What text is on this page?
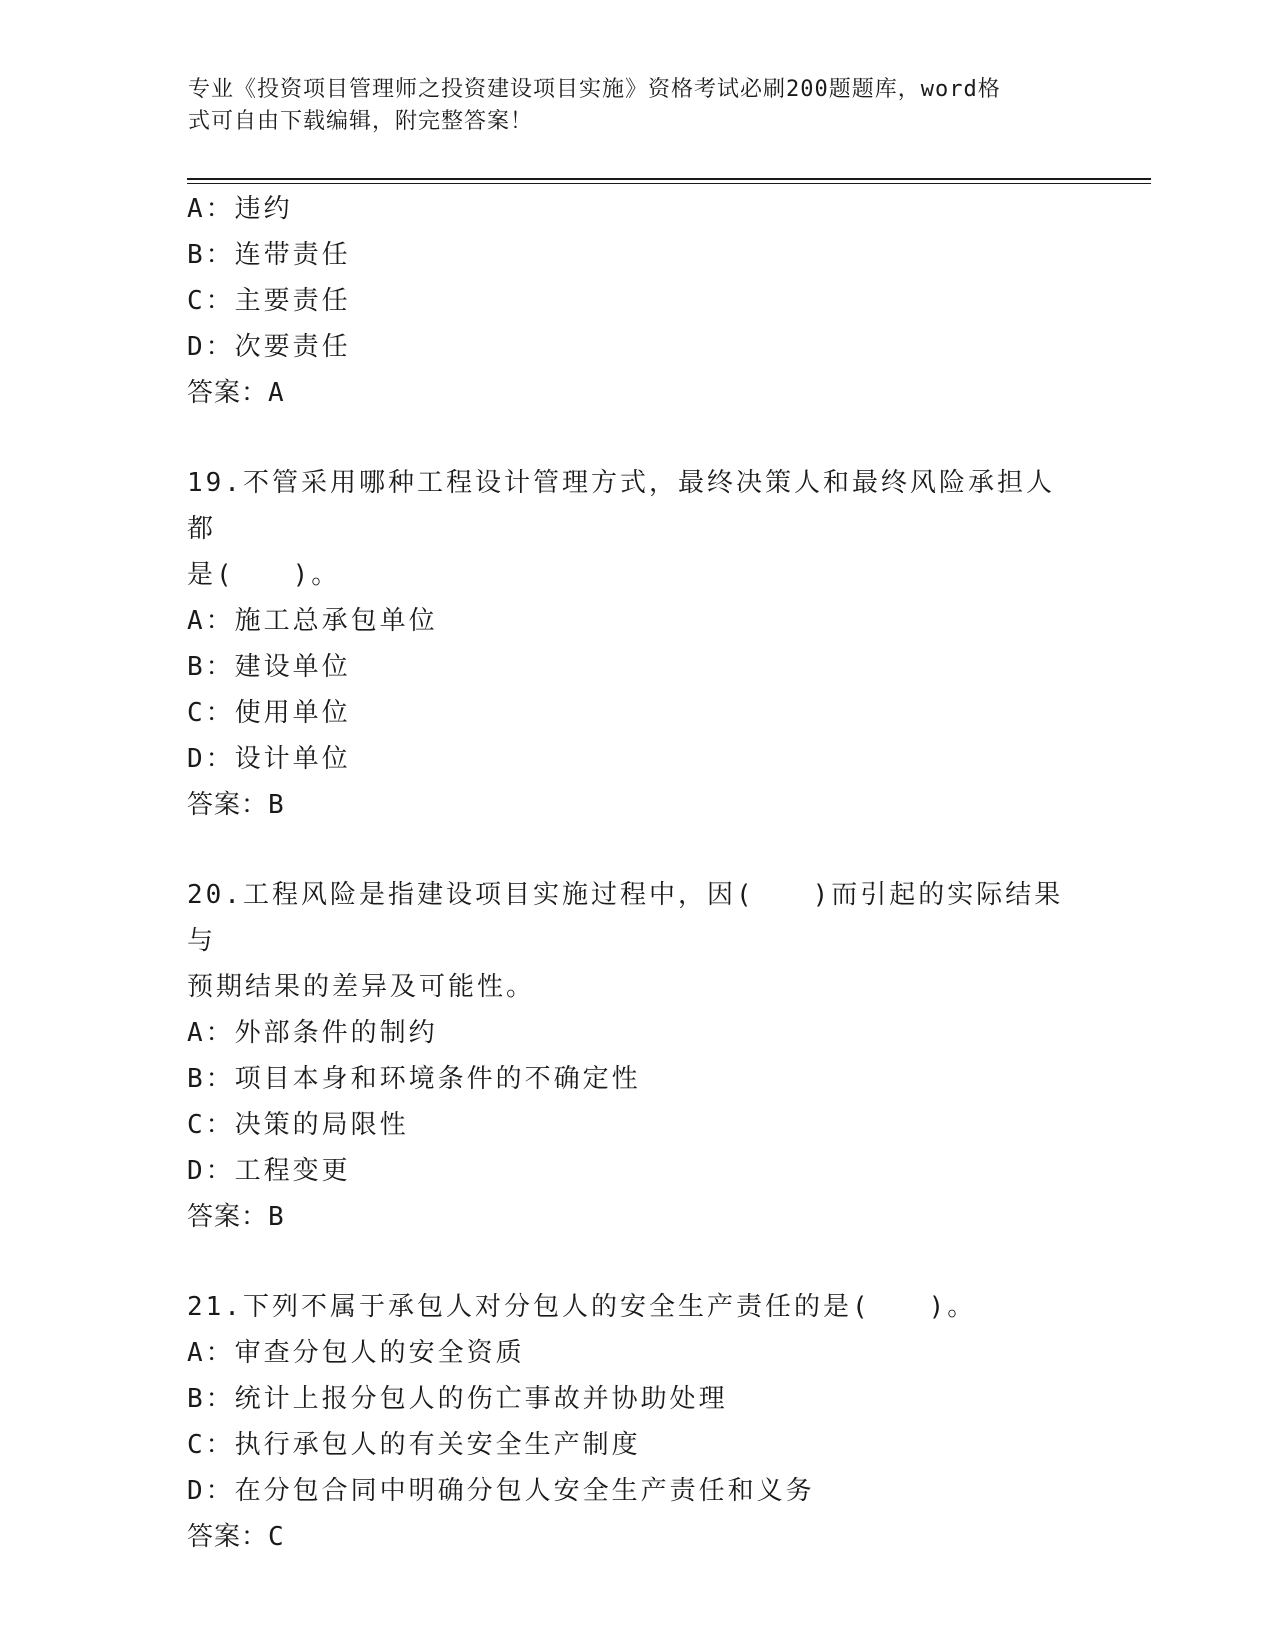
专业《投资项目管理师之投资建设项目实施》资格考试必刷200题题库，word格
式可自由下载编辑，附完整答案！
A：违约
B：连带责任
C：主要责任
D：次要责任
答案：A
19.不管采用哪种工程设计管理方式，最终决策人和最终风险承担人都
是(　　)。
A：施工总承包单位
B：建设单位
C：使用单位
D：设计单位
答案：B
20.工程风险是指建设项目实施过程中，因(　　)而引起的实际结果与
预期结果的差异及可能性。
A：外部条件的制约
B：项目本身和环境条件的不确定性
C：决策的局限性
D：工程变更
答案：B
21.下列不属于承包人对分包人的安全生产责任的是(　　)。
A：审查分包人的安全资质
B：统计上报分包人的伤亡事故并协助处理
C：执行承包人的有关安全生产制度
D：在分包合同中明确分包人安全生产责任和义务
答案：C
